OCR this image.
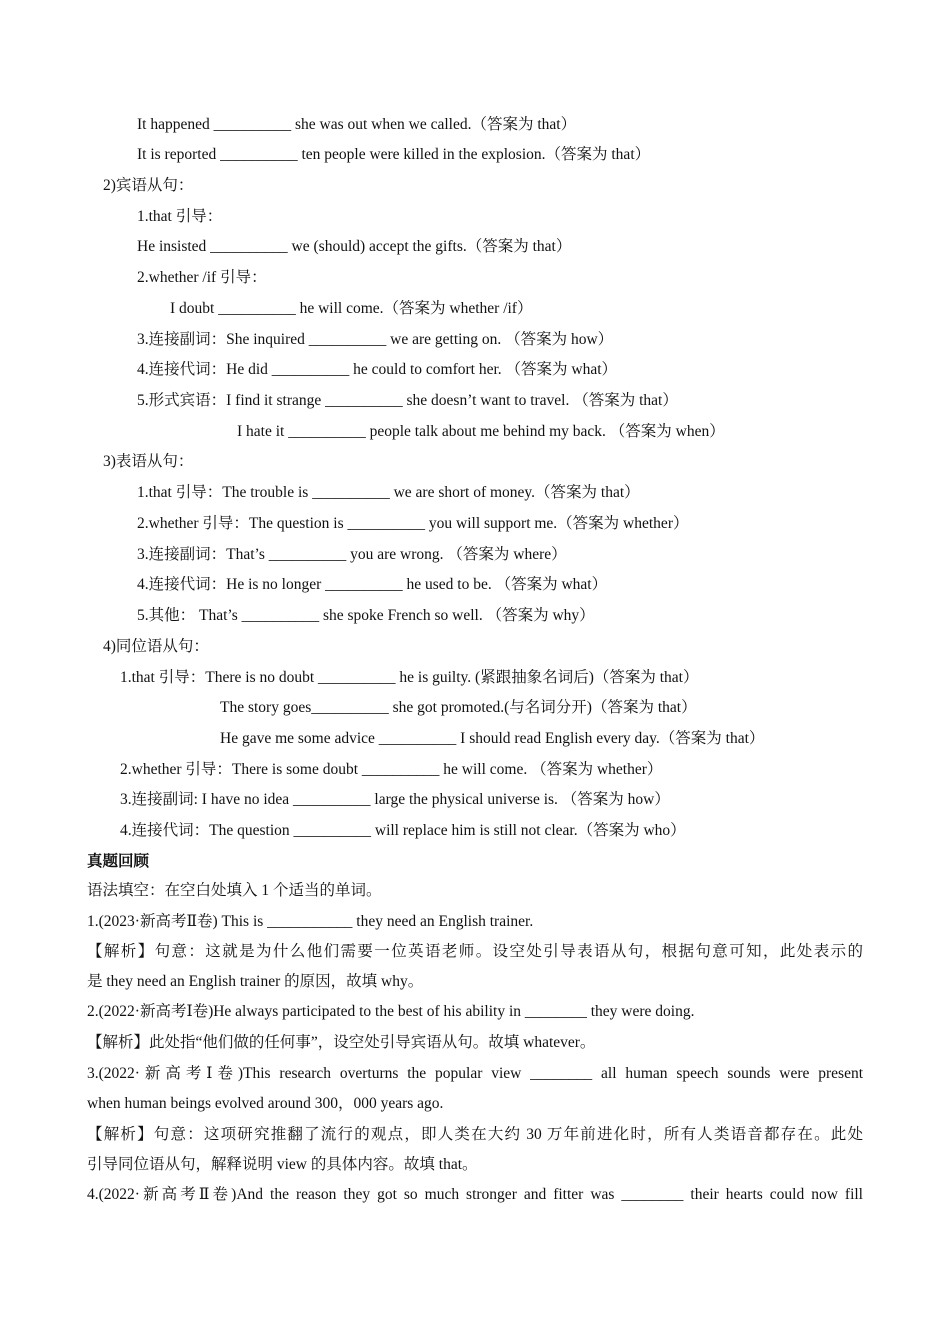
It happened __________ she was out when we called.（答案为 that）
It is reported __________ ten people were killed in the explosion.（答案为 that）
2)宾语从句：
1.that 引导：
He insisted __________ we (should) accept the gifts.（答案为 that）
2.whether /if 引导：
I doubt __________ he will come.（答案为 whether /if）
3.连接副词：She inquired __________ we are getting on. （答案为 how）
4.连接代词：He did __________ he could to comfort her. （答案为 what）
5.形式宾语：I find it strange __________ she doesn’t want to travel. （答案为 that）
I hate it __________ people talk about me behind my back. （答案为 when）
3)表语从句：
1.that 引导：The trouble is __________ we are short of money.（答案为 that）
2.whether 引导：The question is __________ you will support me.（答案为 whether）
3.连接副词：That’s __________ you are wrong. （答案为 where）
4.连接代词：He is no longer __________ he used to be. （答案为 what）
5.其他： That’s __________ she spoke French so well. （答案为 why）
4)同位语从句：
1.that 引导：There is no doubt __________ he is guilty. (紧跟抽象名词后)（答案为 that）
The story goes__________ she got promoted.(与名词分开)（答案为 that）
He gave me some advice __________ I should read English every day.（答案为 that）
2.whether 引导：There is some doubt __________ he will come. （答案为 whether）
3.连接副词: I have no idea __________ large the physical universe is. （答案为 how）
4.连接代词：The question __________ will replace him is still not clear.（答案为 who）
真题回顾
语法填空：在空白处填入 1 个适当的单词。
1.(2023·新高考Ⅱ卷) This is ___________ they need an English trainer.
【解析】句意：这就是为什么他们需要一位英语老师。设空处引导表语从句，根据句意可知，此处表示的
是 they need an English trainer 的原因，故填 why。
2.(2022·新高考Ⅰ卷)He always participated to the best of his ability in ________ they were doing.
【解析】此处指“他们做的任何事”，设空处引导宾语从句。故填 whatever。
3.(2022·新高考Ⅰ卷)This research overturns the popular view ________ all human speech sounds were present
when human beings evolved around 300，000 years ago.
【解析】句意：这项研究推翻了流行的观点，即人类在大约 30 万年前进化时，所有人类语音都存在。此处
引导同位语从句，解释说明 view 的具体内容。故填 that。
4.(2022·新高考Ⅱ卷)And the reason they got so much stronger and fitter was ________ their hearts could now fill
